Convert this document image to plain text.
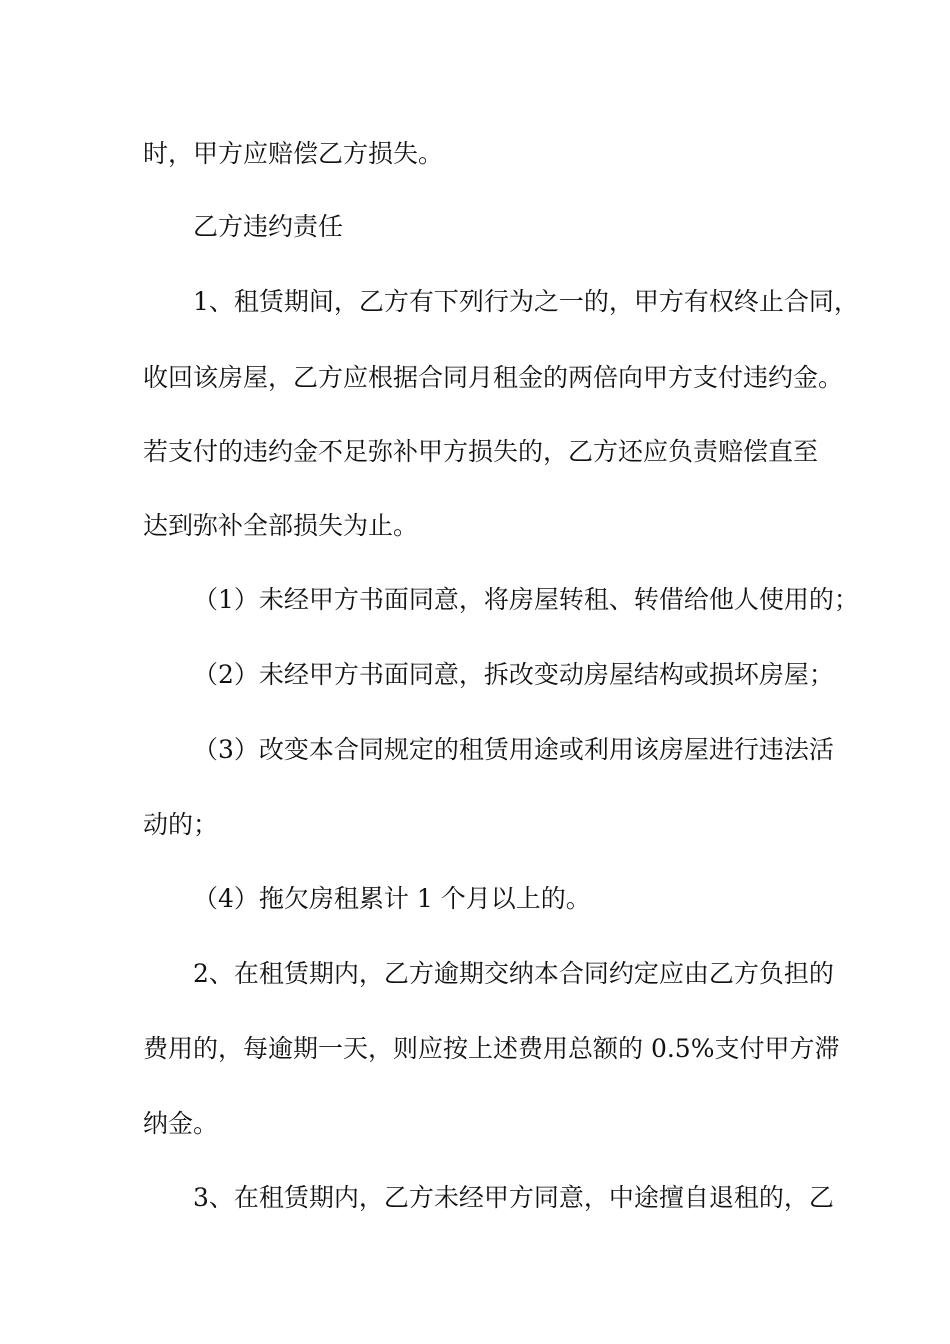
时，甲方应赔偿乙方损失。
乙方违约责任
1、租赁期间，乙方有下列行为之一的，甲方有权终止合同，
收回该房屋，乙方应根据合同月租金的两倍向甲方支付违约金。
若支付的违约金不足弥补甲方损失的，乙方还应负责赔偿直至
达到弥补全部损失为止。
（1）未经甲方书面同意，将房屋转租、转借给他人使用的；
（2）未经甲方书面同意，拆改变动房屋结构或损坏房屋；
（3）改变本合同规定的租赁用途或利用该房屋进行违法活
动的；
（4）拖欠房租累计 1 个月以上的。
2、在租赁期内，乙方逾期交纳本合同约定应由乙方负担的
费用的，每逾期一天，则应按上述费用总额的 0.5%支付甲方滞
纳金。
3、在租赁期内，乙方未经甲方同意，中途擅自退租的，乙
